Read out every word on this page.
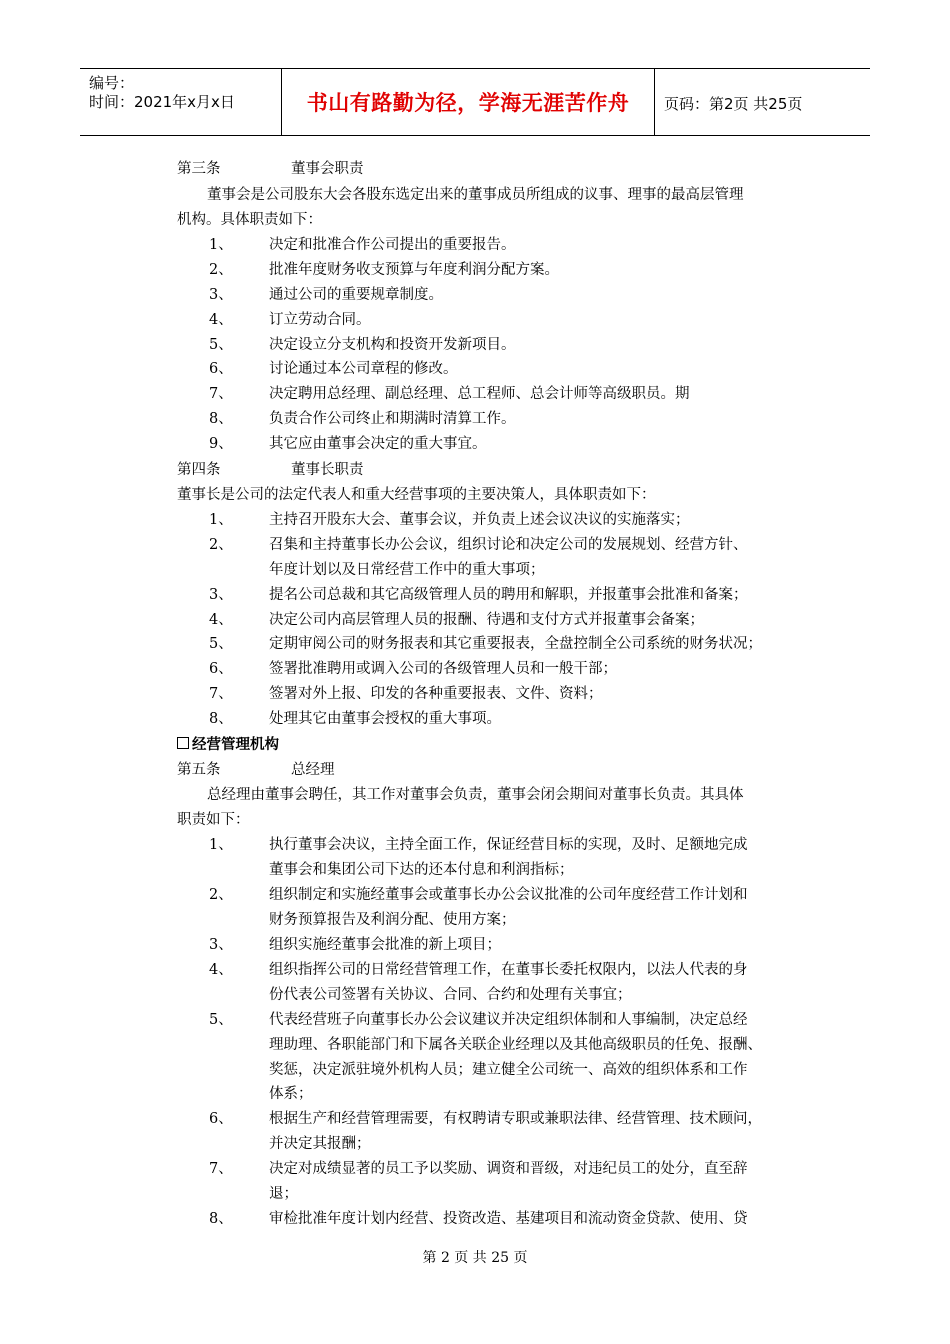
编号：
时间：2021年x月x日	书山有路勤为径，学海无涯苦作舟 页码：第2页 共25页
第三条	董事会职责
董事会是公司股东大会各股东选定出来的董事成员所组成的议事、理事的最高层管理
机构。具体职责如下：
1、	决定和批准合作公司提出的重要报告。
2、	批准年度财务收支预算与年度利润分配方案。
3、	通过公司的重要规章制度。
4、	订立劳动合同。
5、	决定设立分支机构和投资开发新项目。
6、	讨论通过本公司章程的修改。
7、	决定聘用总经理、副总经理、总工程师、总会计师等高级职员。期
8、	负责合作公司终止和期满时清算工作。
9、	其它应由董事会决定的重大事宜。
第四条	董事长职责
董事长是公司的法定代表人和重大经营事项的主要决策人，具体职责如下：
1、	主持召开股东大会、董事会议，并负责上述会议决议的实施落实；
2、	召集和主持董事长办公会议，组织讨论和决定公司的发展规划、经营方针、
年度计划以及日常经营工作中的重大事项；
3、	提名公司总裁和其它高级管理人员的聘用和解职，并报董事会批准和备案；
4、	决定公司内高层管理人员的报酬、待遇和支付方式并报董事会备案；
5、	定期审阅公司的财务报表和其它重要报表，全盘控制全公司系统的财务状况；
6、	签署批准聘用或调入公司的各级管理人员和一般干部；
7、	签署对外上报、印发的各种重要报表、文件、资料；
8、	处理其它由董事会授权的重大事项。
经营管理机构
第五条	总经理
总经理由董事会聘任，其工作对董事会负责，董事会闭会期间对董事长负责。其具体
职责如下：
1、	执行董事会决议，主持全面工作，保证经营目标的实现，及时、足额地完成
董事会和集团公司下达的还本付息和利润指标；
2、	组织制定和实施经董事会或董事长办公会议批准的公司年度经营工作计划和
财务预算报告及利润分配、使用方案；
3、	组织实施经董事会批准的新上项目；
4、	组织指挥公司的日常经营管理工作，在董事长委托权限内，以法人代表的身
份代表公司签署有关协议、合同、合约和处理有关事宜；
5、	代表经营班子向董事长办公会议建议并决定组织体制和人事编制，决定总经
理助理、各职能部门和下属各关联企业经理以及其他高级职员的任免、报酬、
奖惩，决定派驻境外机构人员；建立健全公司统一、高效的组织体系和工作
体系；
6、	根据生产和经营管理需要，有权聘请专职或兼职法律、经营管理、技术顾问，
并决定其报酬；
7、	决定对成绩显著的员工予以奖励、调资和晋级，对违纪员工的处分，直至辞
退；
8、	审检批准年度计划内经营、投资改造、基建项目和流动资金贷款、使用、贷
第 2 页 共 25 页
